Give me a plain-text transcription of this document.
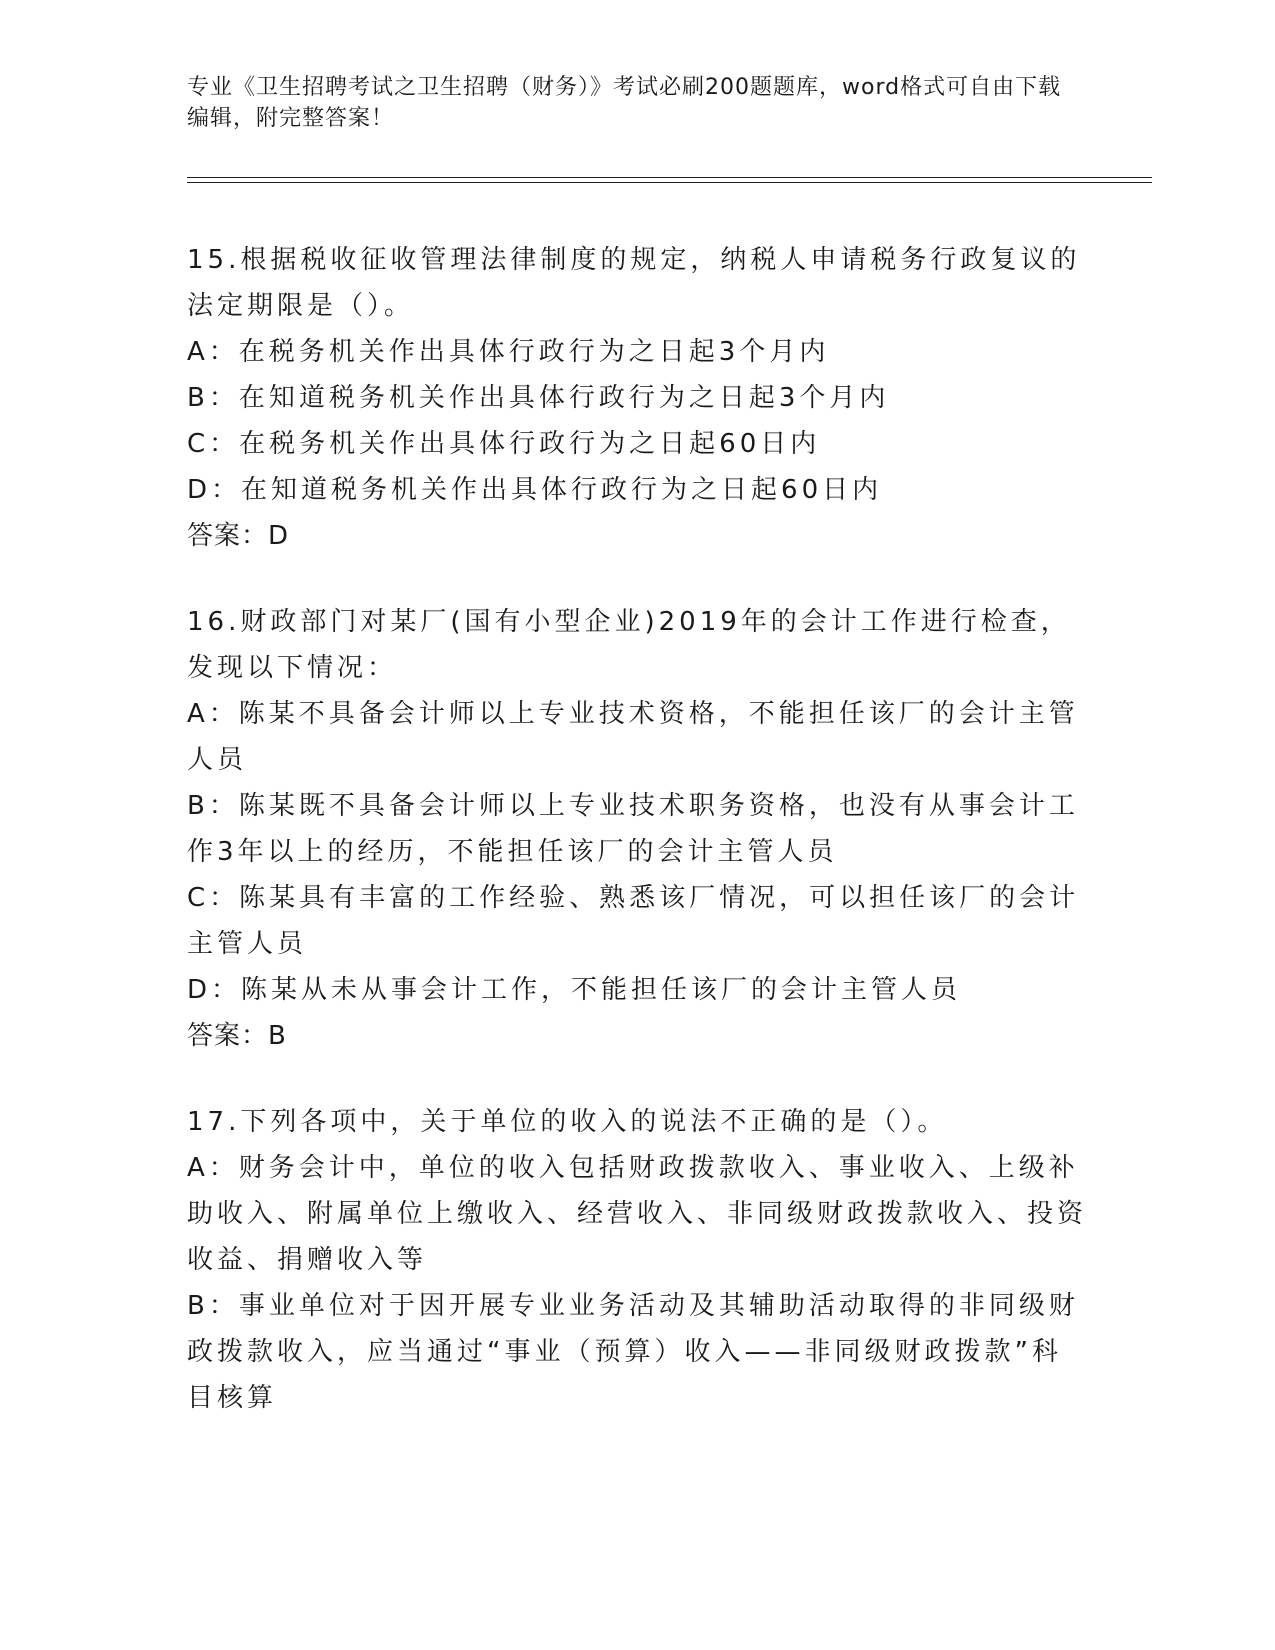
专业《卫生招聘考试之卫生招聘（财务）》考试必刷200题题库，word格式可自由下载编辑，附完整答案！

15.根据税收征收管理法律制度的规定，纳税人申请税务行政复议的法定期限是（）。

A：在税务机关作出具体行政行为之日起3个月内

B：在知道税务机关作出具体行政行为之日起3个月内

C：在税务机关作出具体行政行为之日起60日内

D：在知道税务机关作出具体行政行为之日起60日内

答案：D

16.财政部门对某厂(国有小型企业)2019年的会计工作进行检查，发现以下情况：

A：陈某不具备会计师以上专业技术资格，不能担任该厂的会计主管人员

B：陈某既不具备会计师以上专业技术职务资格，也没有从事会计工作3年以上的经历，不能担任该厂的会计主管人员

C：陈某具有丰富的工作经验、熟悉该厂情况，可以担任该厂的会计主管人员

D：陈某从未从事会计工作，不能担任该厂的会计主管人员

答案：B

17.下列各项中，关于单位的收入的说法不正确的是（）。

A：财务会计中，单位的收入包括财政拨款收入、事业收入、上级补助收入、附属单位上缴收入、经营收入、非同级财政拨款收入、投资收益、捐赠收入等

B：事业单位对于因开展专业业务活动及其辅助活动取得的非同级财政拨款收入，应当通过“事业（预算）收入——非同级财政拨款”科目核算
